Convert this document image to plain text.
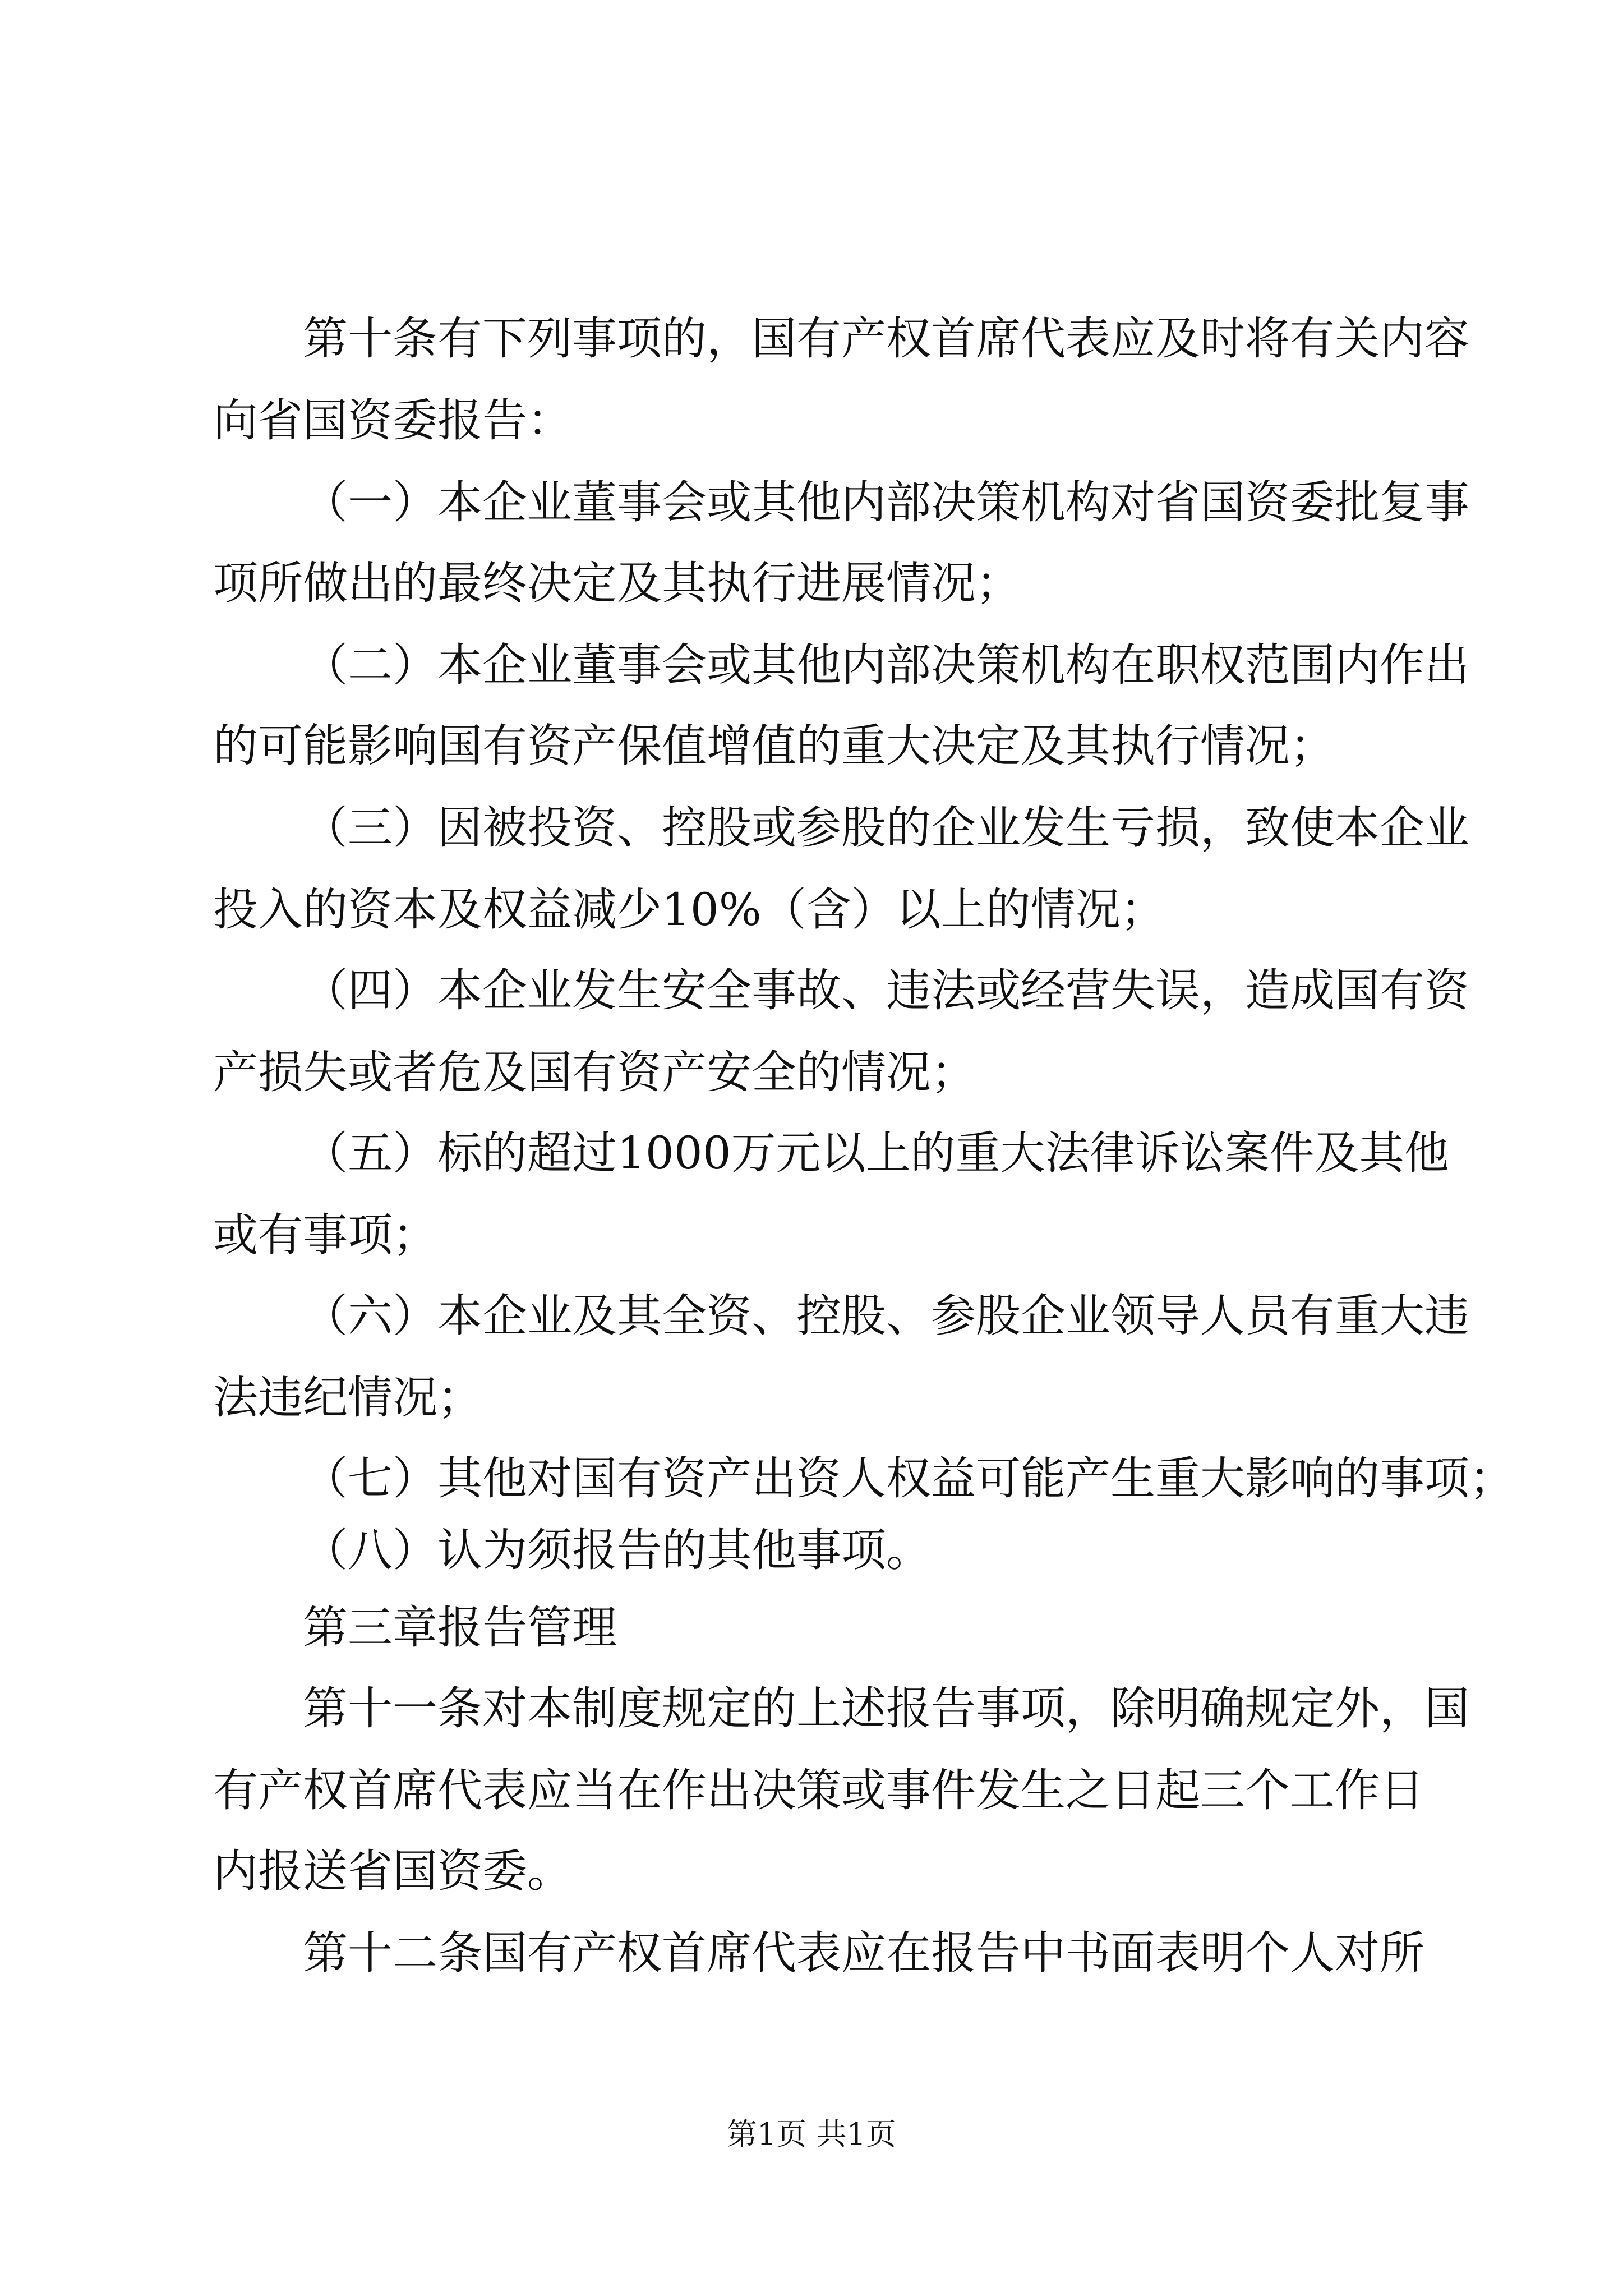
第十条有下列事项的，国有产权首席代表应及时将有关内容
向省国资委报告：
（一）本企业董事会或其他内部决策机构对省国资委批复事
项所做出的最终决定及其执行进展情况；
（二）本企业董事会或其他内部决策机构在职权范围内作出
的可能影响国有资产保值增值的重大决定及其执行情况；
（三）因被投资、控股或参股的企业发生亏损，致使本企业
投入的资本及权益减少10%（含）以上的情况；
（四）本企业发生安全事故、违法或经营失误，造成国有资
产损失或者危及国有资产安全的情况；
（五）标的超过1000万元以上的重大法律诉讼案件及其他
或有事项；
（六）本企业及其全资、控股、参股企业领导人员有重大违
法违纪情况；
（七）其他对国有资产出资人权益可能产生重大影响的事项；
（八）认为须报告的其他事项。
第三章报告管理
第十一条对本制度规定的上述报告事项，除明确规定外，国
有产权首席代表应当在作出决策或事件发生之日起三个工作日
内报送省国资委。
第十二条国有产权首席代表应在报告中书面表明个人对所
第1页 共1页
